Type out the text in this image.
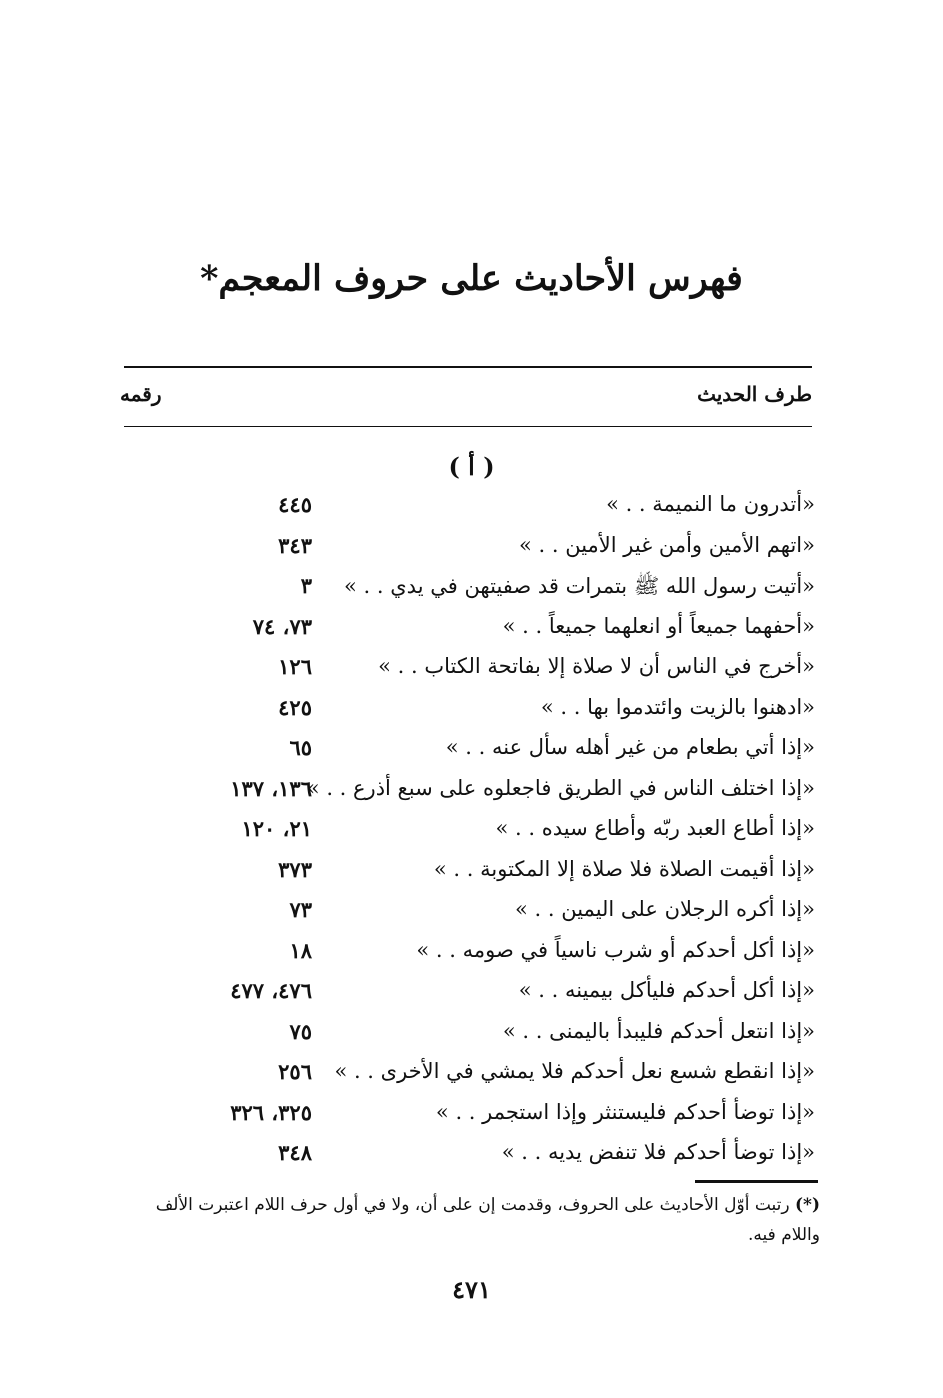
فهرس الأحاديث على حروف المعجم*
طرف الحديث
رقمه
( أ )
«أتدرون ما النميمة . . »
٤٤٥
«اتهم الأمين وأمن غير الأمين . . »
٣٤٣
«أتيت رسول الله ﷺ بتمرات قد صفيتهن في يدي . . »
٣
«أحفهما جميعاً أو انعلهما جميعاً . . »
٧٣، ٧٤
«أخرج في الناس أن لا صلاة إلا بفاتحة الكتاب . . »
١٢٦
«ادهنوا بالزيت وائتدموا بها . . »
٤٢٥
«إذا أتي بطعام من غير أهله سأل عنه . . »
٦٥
«إذا اختلف الناس في الطريق فاجعلوه على سبع أذرع . . »
١٣٦، ١٣٧
«إذا أطاع العبد ربّه وأطاع سيده . . »
٢١، ١٢٠
«إذا أقيمت الصلاة فلا صلاة إلا المكتوبة . . »
٣٧٣
«إذا أكره الرجلان على اليمين . . »
٧٣
«إذا أكل أحدكم أو شرب ناسياً في صومه . . »
١٨
«إذا أكل أحدكم فليأكل بيمينه . . »
٤٧٦، ٤٧٧
«إذا انتعل أحدكم فليبدأ باليمنى . . »
٧٥
«إذا انقطع شسع نعل أحدكم فلا يمشي في الأخرى . . »
٢٥٦
«إذا توضأ أحدكم فليستنثر وإذا استجمر . . »
٣٢٥، ٣٢٦
«إذا توضأ أحدكم فلا تنفض يديه . . »
٣٤٨
(*) رتبت أوّل الأحاديث على الحروف، وقدمت إن على أن، ولا في أول حرف اللام اعتبرت الألف واللام فيه.
٤٧١
